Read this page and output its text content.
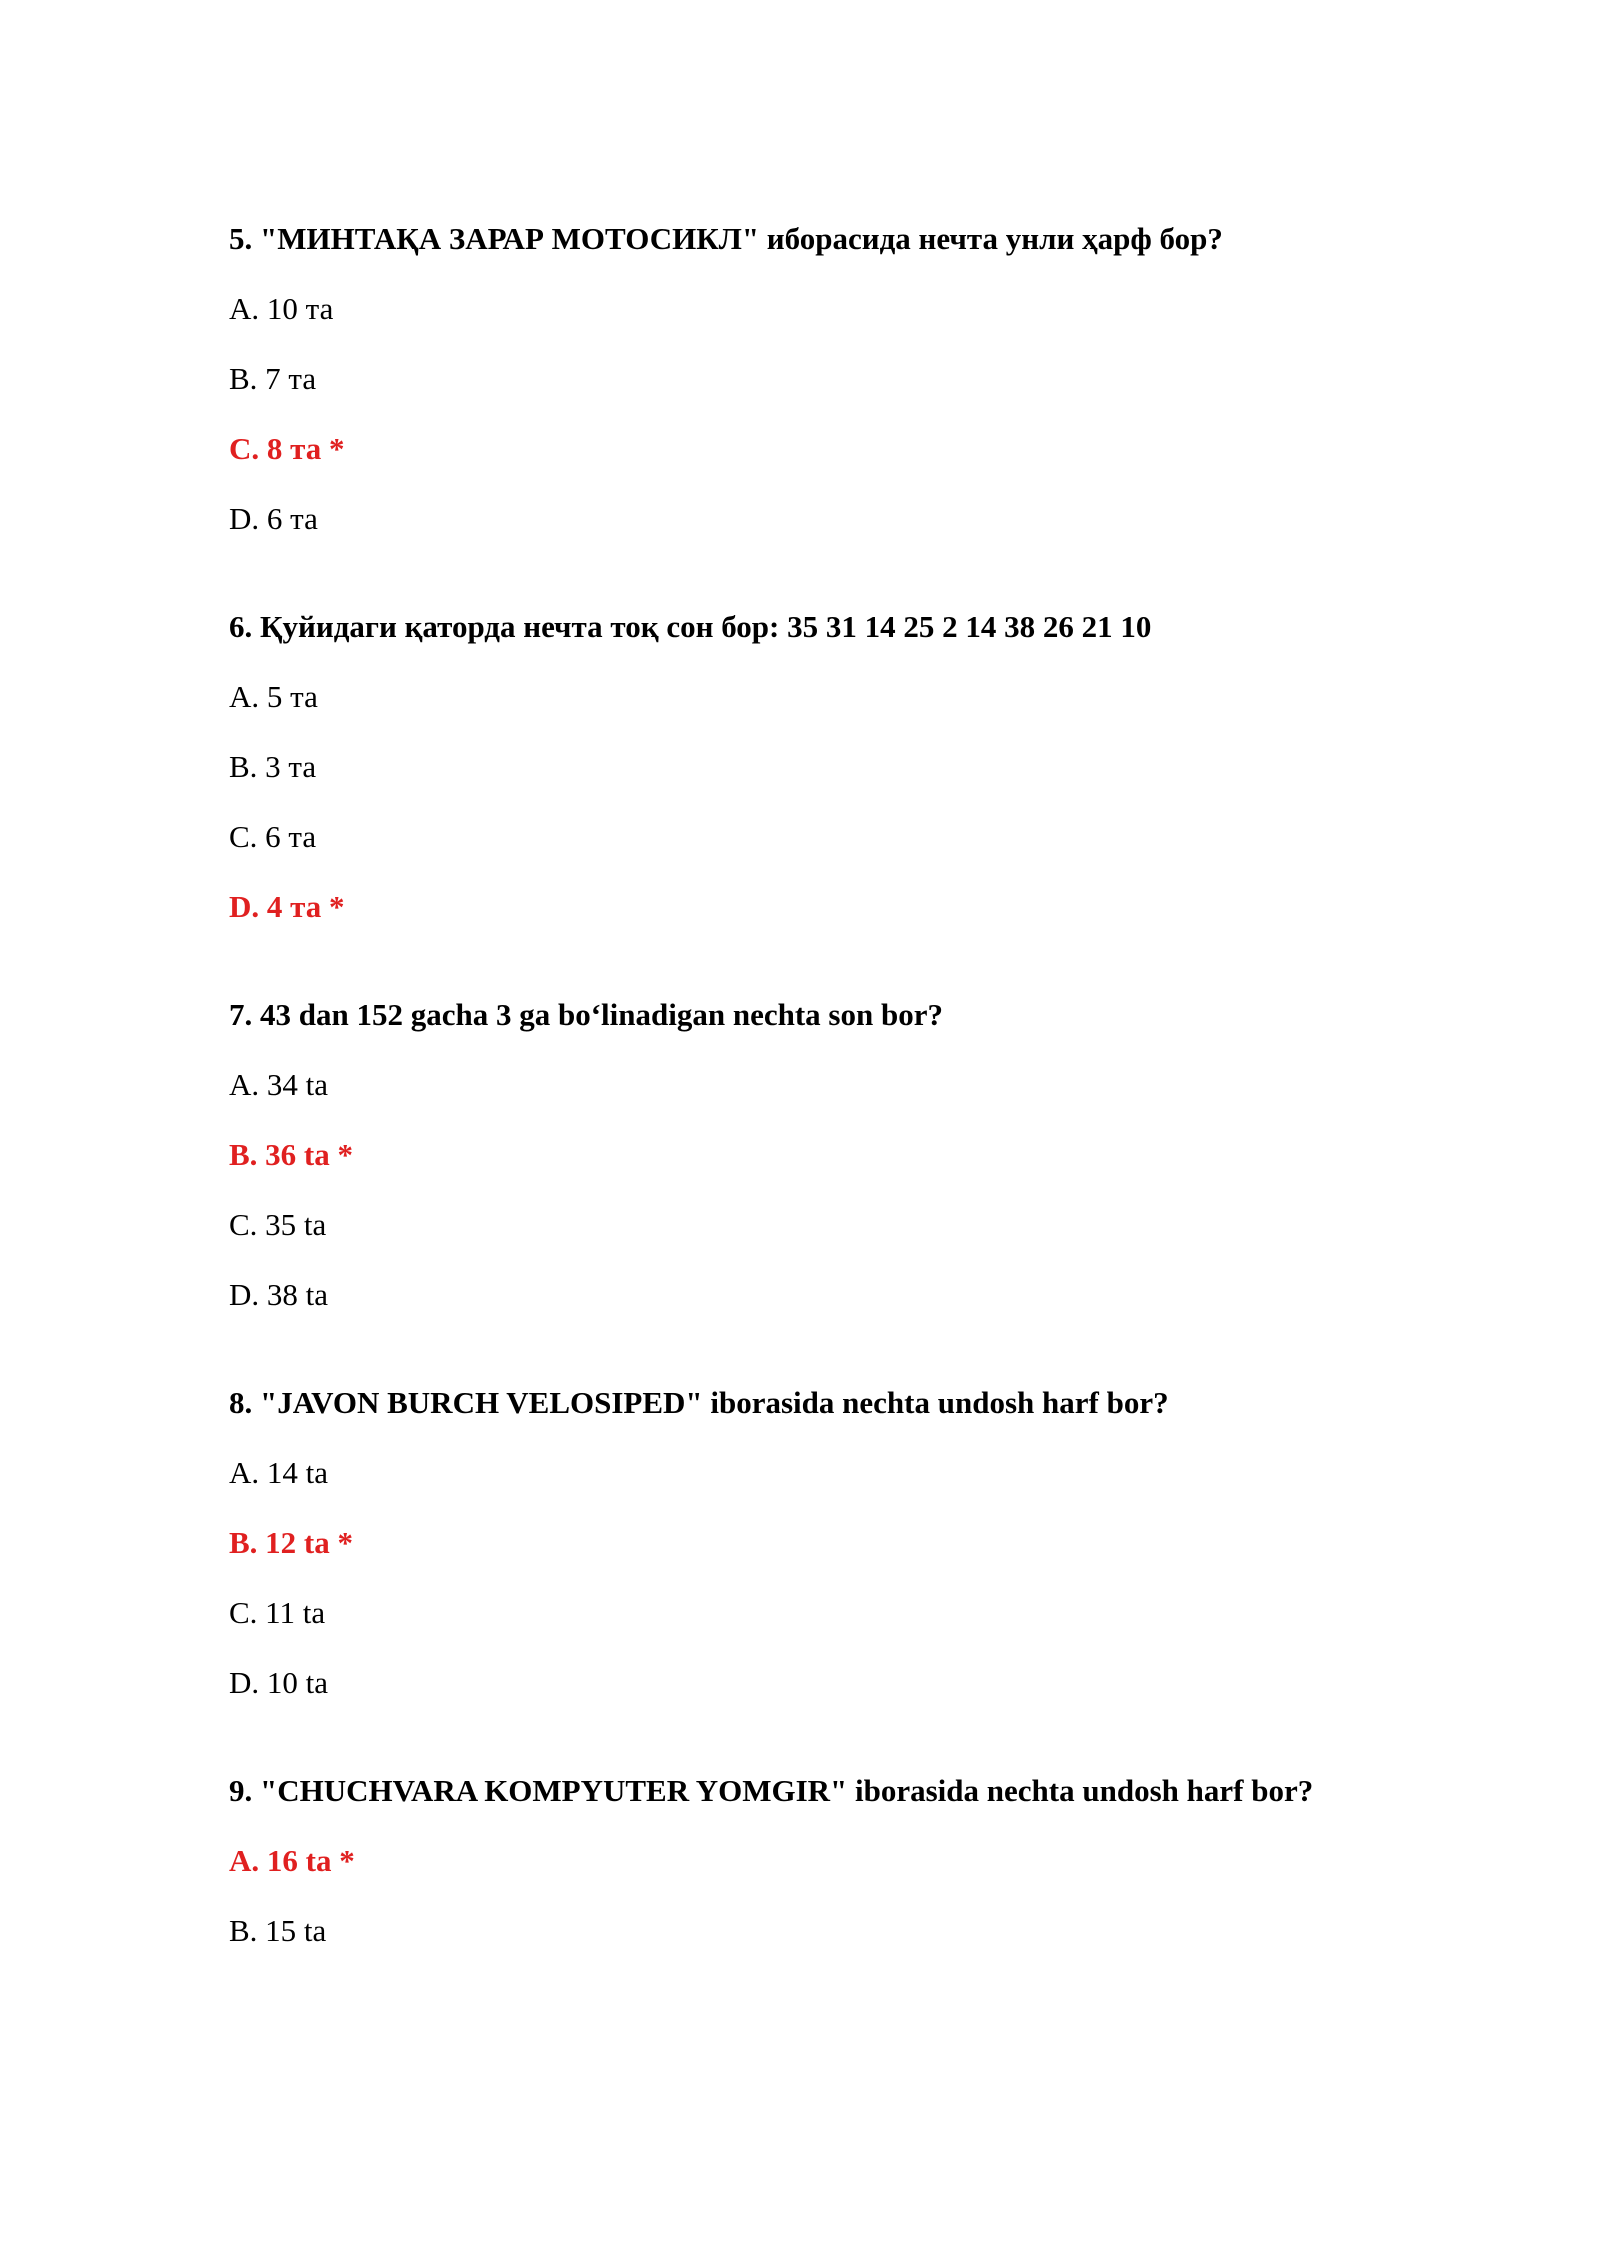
5. "МИНТАҚА ЗАРАР МОТОСИКЛ" иборасида нечта унли ҳарф бор?
A. 10 та
B. 7 та
C. 8 та *
D. 6 та
6. Қуйидаги қаторда нечта тоқ сон бор: 35 31 14 25 2 14 38 26 21 10
A. 5 та
B. 3 та
C. 6 та
D. 4 та *
7. 43 dan 152 gacha 3 ga bo‘linadigan nechta son bor?
A. 34 ta
B. 36 ta *
C. 35 ta
D. 38 ta
8. "JAVON BURCH VELOSIPED" iborasida nechta undosh harf bor?
A. 14 ta
B. 12 ta *
C. 11 ta
D. 10 ta
9. "CHUCHVARA KOMPYUTER YOMGIR" iborasida nechta undosh harf bor?
A. 16 ta *
B. 15 ta
